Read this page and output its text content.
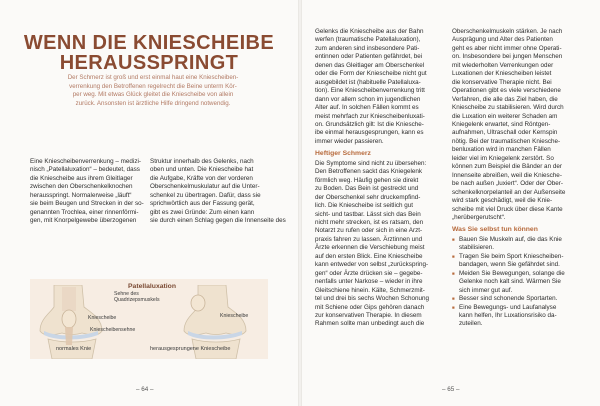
WENN DIE KNIESCHEIBE
HERAUSSPRINGT
Der Schmerz ist groß und erst einmal haut eine Kniescheiben-
verrenkung den Betroffenen regelrecht die Beine unterm Kör-
per weg. Mit etwas Glück gleitet die Kniescheibe von allein
zurück. Ansonsten ist ärztliche Hilfe dringend notwendig.
Eine Kniescheibenverrenkung – medizi-
nisch „Patellaluxation“ – bedeutet, dass
die Kniescheibe aus ihrem Gleitlager
zwischen den Oberschenkelknochen
herausspringt. Normalerweise „läuft“
sie beim Beugen und Strecken in der so-
genannten Trochlea, einer rinnenförmi-
gen, mit Knorpelgewebe überzogenen
Struktur innerhalb des Gelenks, nach
oben und unten. Die Kniescheibe hat
die Aufgabe, Kräfte von der vorderen
Oberschenkelmuskulatur auf die Unter-
schenkel zu übertragen. Dafür, dass sie
sprichwörtlich aus der Fassung gerät,
gibt es zwei Gründe: Zum einen kann
sie durch einen Schlag gegen die Innenseite des
Patellaluxation
Sehne des
Quadrizepsmuskels
Kniescheibe
Kniescheibensehne
Kniescheibe
normales Knie	herausgesprungene Kniescheibe
– 64 –
Gelenks die Kniescheibe aus der Bahn
werfen (traumatische Patellaluxation),
zum anderen sind insbesondere Pati-
entinnen oder Patienten gefährdet, bei
denen das Gleitlager am Oberschenkel
oder die Form der Kniescheibe nicht gut
ausgebildet ist (habituelle Patellaluxa-
tion). Eine Kniescheibenverrenkung tritt
dann vor allem schon im jugendlichen
Alter auf. In solchen Fällen kommt es
meist mehrfach zur Kniescheibenluxati-
on. Grundsätzlich gilt: Ist die Kniesche-
ibe einmal herausgesprungen, kann es
immer wieder passieren.
Heftiger Schmerz
Die Symptome sind nicht zu übersehen:
Den Betroffenen sackt das Kniegelenk
förmlich weg. Häufig gehen sie direkt
zu Boden. Das Bein ist gestreckt und
der Oberschenkel sehr druckempfind-
lich. Die Kniescheibe ist seitlich gut
sicht- und tastbar. Lässt sich das Bein
nicht mehr strecken, ist es ratsam, den
Notarzt zu rufen oder sich in eine Arzt-
praxis fahren zu lassen. Ärztinnen und
Ärzte erkennen die Verschiebung meist
auf den ersten Blick. Eine Kniescheibe
kann entweder von selbst „zurückspring-
gen“ oder Ärzte drücken sie – gegebe-
nenfalls unter Narkose – wieder in ihre
Gleitschiene hinein. Kälte, Schmerzmit-
tel und drei bis sechs Wochen Schonung
mit Schiene oder Gips gehören danach
zur konservativen Therapie. In diesem
Rahmen sollte man unbedingt auch die
Oberschenkelmuskeln stärken. Je nach
Ausprägung und Alter des Patienten
geht es aber nicht immer ohne Operati-
on. Insbesondere bei jungen Menschen
mit wiederholten Verrenkungen oder
Luxationen der Kniescheiben leistet
die konservative Therapie nicht. Bei
Operationen gibt es viele verschiedene
Verfahren, die alle das Ziel haben, die
Kniescheibe zu stabilisieren. Wird durch
die Luxation ein weiterer Schaden am
Kniegelenk erwartet, sind Röntgen-
aufnahmen, Ultraschall oder Kernspin
nötig. Bei der traumatischen Kniesche-
benluxation wird in manchen Fällen
leider viel im Kniegelenk zerstört. So
können zum Beispiel die Bänder an der
Innenseite abreißen, weil die Kniesche-
be nach außen „luxiert“. Oder der Ober-
schenkelknorpelanteil an der Außenseite
wird stark geschädigt, weil die Knie-
scheibe mit viel Druck über diese Kante
„herübergerutscht“.
Was Sie selbst tun können
■ Bauen Sie Muskeln auf, die das Knie
stabilisieren.
■ Tragen Sie beim Sport Kniescheiben-
bandagen, wenn Sie gefährdet sind.
■ Meiden Sie Bewegungen, solange die
Gelenke noch kalt sind. Wärmen Sie
sich immer gut auf.
■ Besser sind schonende Sportarten.
■ Eine Bewegungs- und Laufanalyse
kann helfen, Ihr Luxationsrisiko da-
zuteilen.
– 65 –
